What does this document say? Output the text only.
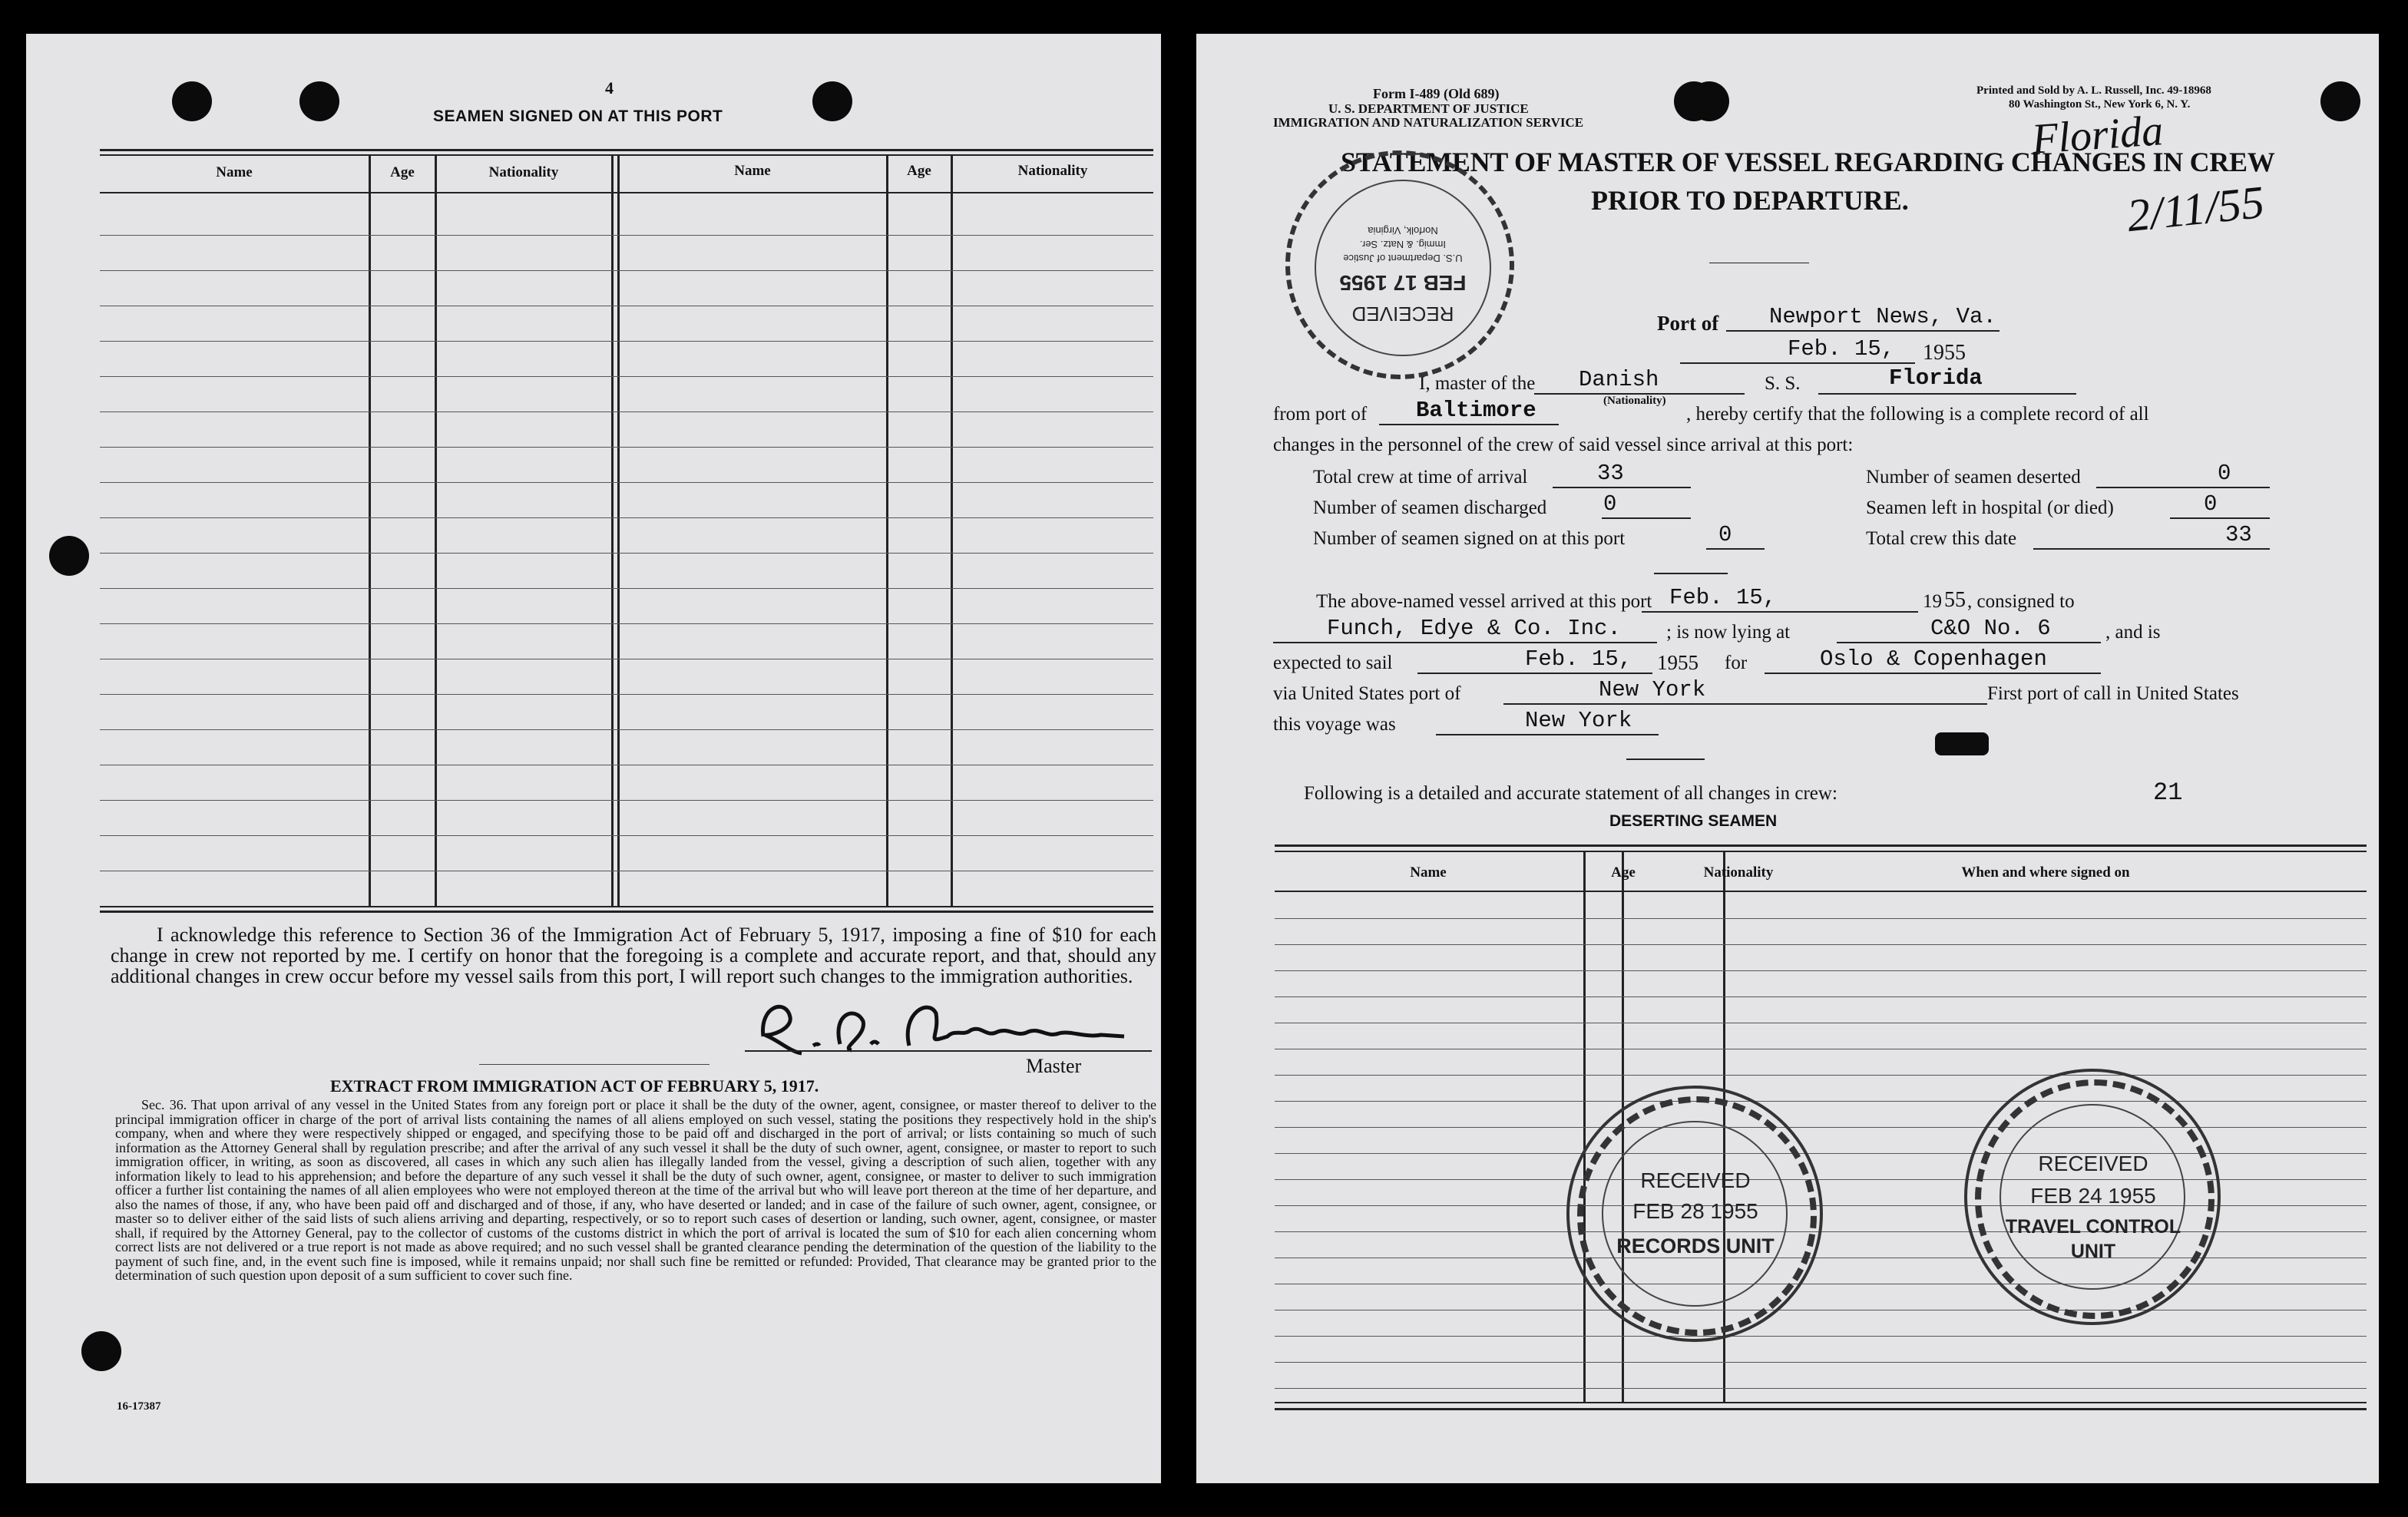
4
SEAMEN SIGNED ON AT THIS PORT
Name	Age	Nationality	Name	Age	Nationality
I acknowledge this reference to Section 36 of the Immigration Act of February 5, 1917, imposing a fine of $10 for each change in crew not reported by me. I certify on honor that the foregoing is a complete and accurate report, and that, should any additional changes in crew occur before my vessel sails from this port, I will report such changes to the immigration authorities.
Master
EXTRACT FROM IMMIGRATION ACT OF FEBRUARY 5, 1917.
Sec. 36. That upon arrival of any vessel in the United States from any foreign port or place it shall be the duty of the owner, agent, consignee, or master thereof to deliver to the principal immigration officer in charge of the port of arrival lists containing the names of all aliens employed on such vessel, stating the positions they respectively hold in the ship's company, when and where they were respectively shipped or engaged, and specifying those to be paid off and discharged in the port of arrival; or lists containing so much of such information as the Attorney General shall by regulation prescribe; and after the arrival of any such vessel it shall be the duty of such owner, agent, consignee, or master to report to such immigration officer, in writing, as soon as discovered, all cases in which any such alien has illegally landed from the vessel, giving a description of such alien, together with any information likely to lead to his apprehension; and before the departure of any such vessel it shall be the duty of such owner, agent, consignee, or master to deliver to such immigration officer a further list containing the names of all alien employees who were not employed thereon at the time of the arrival but who will leave port thereon at the time of her departure, and also the names of those, if any, who have been paid off and discharged and of those, if any, who have deserted or landed; and in case of the failure of such owner, agent, consignee, or master so to deliver either of the said lists of such aliens arriving and departing, respectively, or so to report such cases of desertion or landing, such owner, agent, consignee, or master shall, if required by the Attorney General, pay to the collector of customs of the customs district in which the port of arrival is located the sum of $10 for each alien concerning whom correct lists are not delivered or a true report is not made as above required; and no such vessel shall be granted clearance pending the determination of the question of the liability to the payment of such fine, and, in the event such fine is imposed, while it remains unpaid; nor shall such fine be remitted or refunded: Provided, That clearance may be granted prior to the determination of such question upon deposit of a sum sufficient to cover such fine.
16-17387
Form I-489 (Old 689)
U. S. DEPARTMENT OF JUSTICE
IMMIGRATION AND NATURALIZATION SERVICE
Printed and Sold by A. L. Russell, Inc. 49-18968
80 Washington St., New York 6, N. Y.
Florida
2/11/55
STATEMENT OF MASTER OF VESSEL REGARDING CHANGES IN CREW
PRIOR TO DEPARTURE.
Port of Newport News, Va.
Feb. 15, 1955
I, master of the Danish
(Nationality)
S. S.	Florida
from port of Baltimore	, hereby certify that the following is a complete record of all
changes in the personnel of the crew of said vessel since arrival at this port:
Total crew at time of arrival	33
Number of seamen discharged	0
Number of seamen signed on at this port	0
Number of seamen deserted	0
Seamen left in hospital (or died)	0
Total crew this date	33
The above-named vessel arrived at this port Feb. 15,	19 55 , consigned to
Funch, Edye & Co. Inc. ; is now lying at	C&O No. 6	, and is
expected to sail	Feb. 15, 1955 for	Oslo & Copenhagen
via United States port of	New York	First port of call in United States
this voyage was	New York
Following is a detailed and accurate statement of all changes in crew:	21
DESERTING SEAMEN
Name	Age	Nationality	When and where signed on
RECEIVED
FEB 17 1955
U.S. Department of Justice
Immig. & Natz. Ser.
Norfolk, Virginia
RECEIVED
FEB 28 1955
RECORDS UNIT
RECEIVED
FEB 24 1955
TRAVEL CONTROL
UNIT
